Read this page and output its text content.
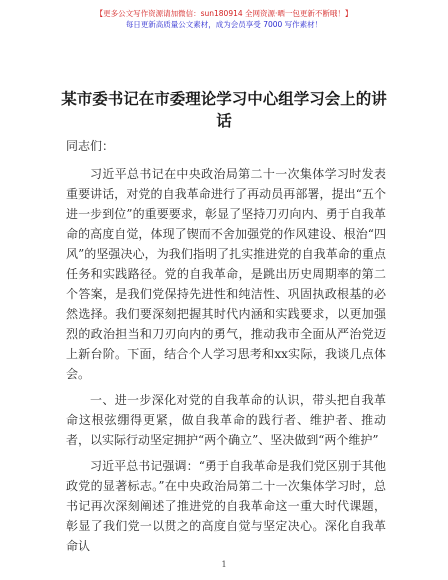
【更多公文写作资源请加微信：sun180914 全网资源·晒一包更新不断哦！】
每日更新高质量公文素材，成为会员享受 7000 写作素材！
某市委书记在市委理论学习中心组学习会上的讲话

同志们：

习近平总书记在中央政治局第二十一次集体学习时发表重要讲话，对党的自我革命进行了再动员再部署，提出“五个进一步到位”的重要要求，彰显了坚持刀刃向内、勇于自我革命的高度自觉，体现了锲而不舍加强党的作风建设、根治“四风”的坚强决心，为我们指明了扎实推进党的自我革命的重点任务和实践路径。党的自我革命，是跳出历史周期率的第二个答案，是我们党保持先进性和纯洁性、巩固执政根基的必然选择。我们要深刻把握其时代内涵和实践要求，以更加强烈的政治担当和刀刃向内的勇气，推动我市全面从严治党迈上新台阶。下面，结合个人学习思考和xx实际，我谈几点体会。

一、进一步深化对党的自我革命的认识，带头把自我革命这根弦绷得更紧，做自我革命的践行者、维护者、推动者，以实际行动坚定拥护“两个确立”、坚决做到“两个维护”

习近平总书记强调：“勇于自我革命是我们党区别于其他政党的显著标志。”在中央政治局第二十一次集体学习时，总书记再次深刻阐述了推进党的自我革命这一重大时代课题，彰显了我们党一以贯之的高度自觉与坚定决心。深化自我革命认

1
